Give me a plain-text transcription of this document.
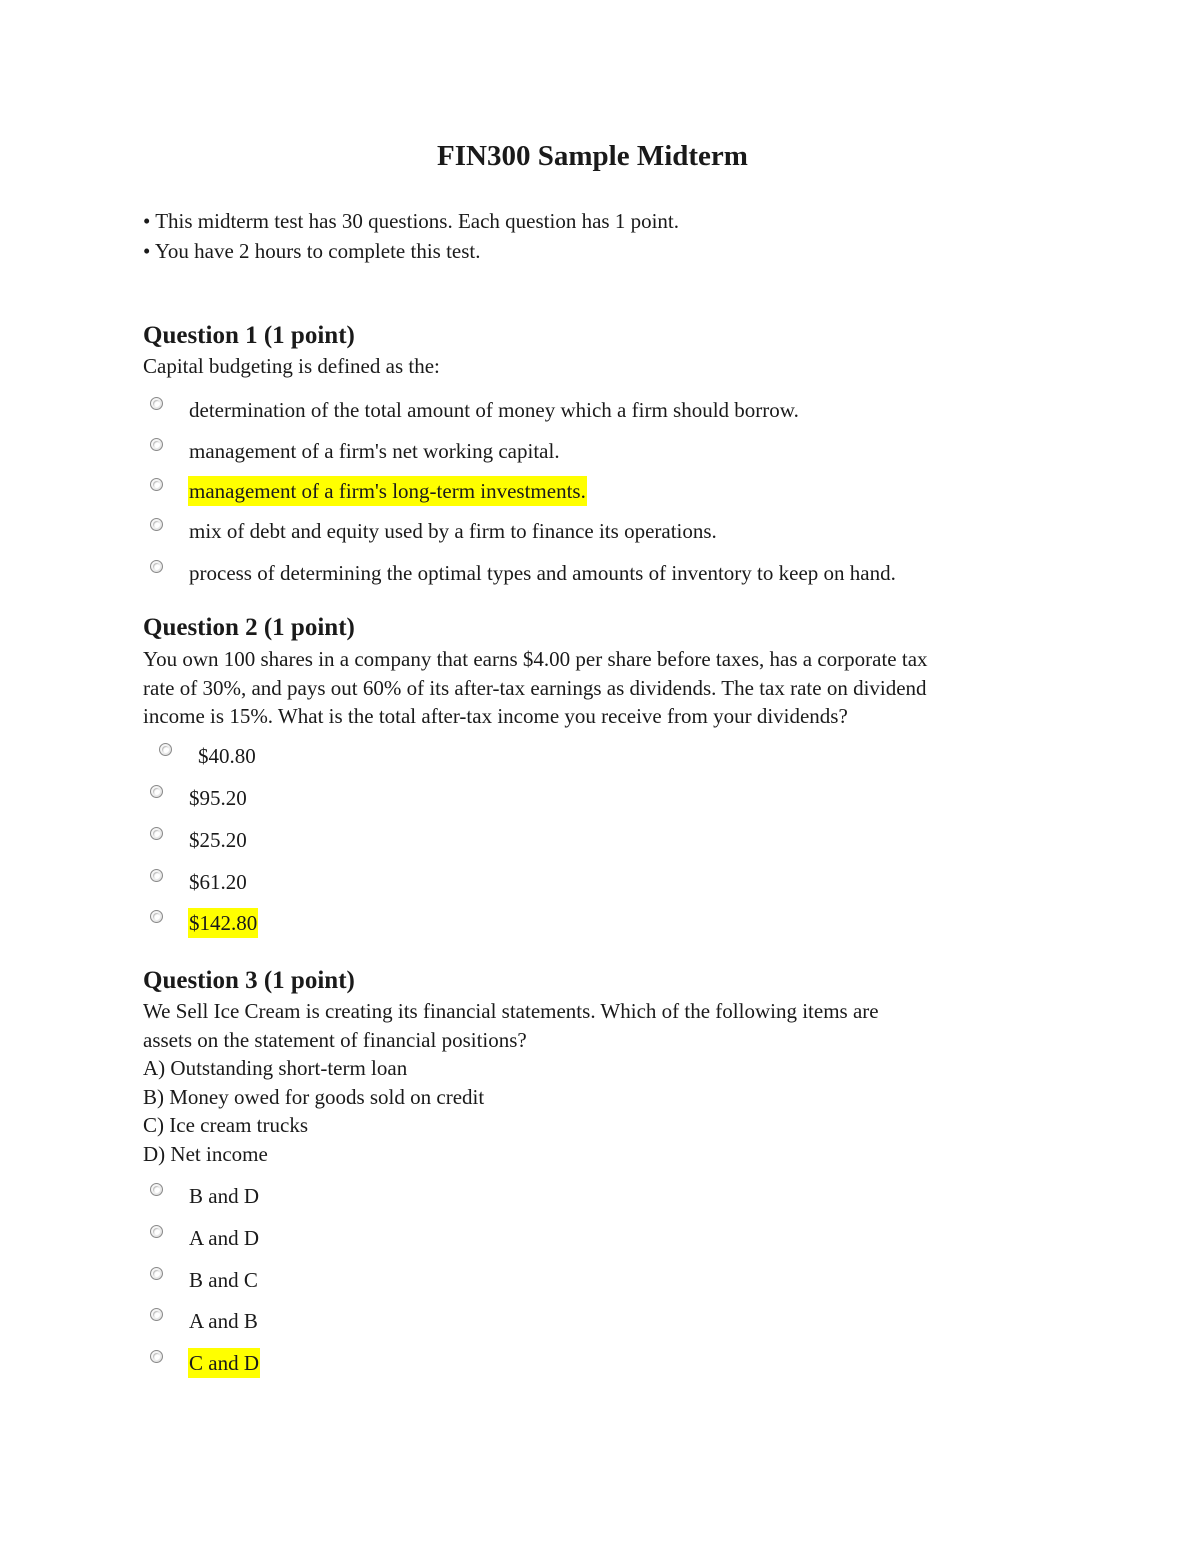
FIN300 Sample Midterm
• This midterm test has 30 questions. Each question has 1 point.
• You have 2 hours to complete this test.
Question 1 (1 point)
Capital budgeting is defined as the:
determination of the total amount of money which a firm should borrow.
management of a firm's net working capital.
management of a firm's long-term investments.
mix of debt and equity used by a firm to finance its operations.
process of determining the optimal types and amounts of inventory to keep on hand.
Question 2 (1 point)
You own 100 shares in a company that earns $4.00 per share before taxes, has a corporate tax
rate of 30%, and pays out 60% of its after-tax earnings as dividends. The tax rate on dividend
income is 15%. What is the total after-tax income you receive from your dividends?
$40.80
$95.20
$25.20
$61.20
$142.80
Question 3 (1 point)
We Sell Ice Cream is creating its financial statements. Which of the following items are
assets on the statement of financial positions?
A) Outstanding short-term loan
B) Money owed for goods sold on credit
C) Ice cream trucks
D) Net income
B and D
A and D
B and C
A and B
C and D
